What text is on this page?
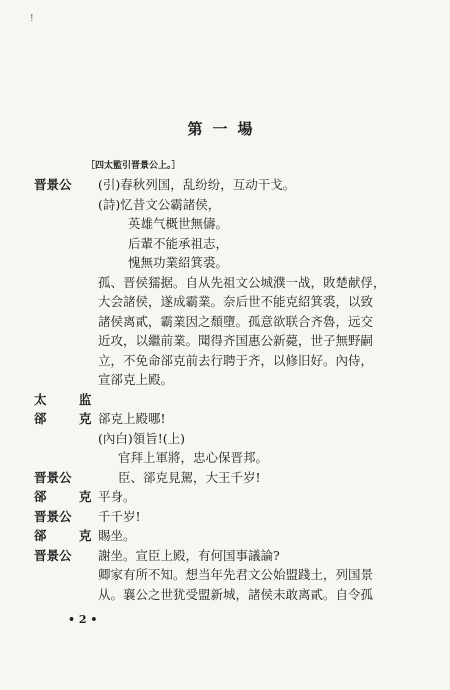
!
第一場
［四太監引晋景公上。］
晋景公
太 监
郤 克
晋景公
郤 克
晋景公
郤 克
晋景公
(引)春秋列国，乱纷纷，互动干戈。
(詩)忆昔文公霸諸侯，
英雄气概世無儔。
后輩不能承祖志，
愧無功業紹箕裘。
孤、晋侯獳据。自从先祖文公城濮一战，敗楚献俘，
大会諸侯，遂成霸業。奈后世不能克紹箕裘，以致
諸侯离貳，霸業因之頹墮。孤意欲联合齐魯，远交
近攻，以繼前業。聞得齐国惠公新薨，世子無野嗣
立，不免命郤克前去行聘于齐，以修旧好。內侍，
宣郤克上殿。
郤克上殿哪!
(內白)領旨!(上)
官拜上軍將，忠心保晋邦。
臣、郤克見駕，大王千岁!
平身。
千千岁!
賜坐。
謝坐。宣臣上殿，有何国事議論?
卿家有所不知。想当年先君文公始盟踐土，列国景
从。襄公之世犹受盟新城，諸侯未敢离貳。自令孤
• 2 •
